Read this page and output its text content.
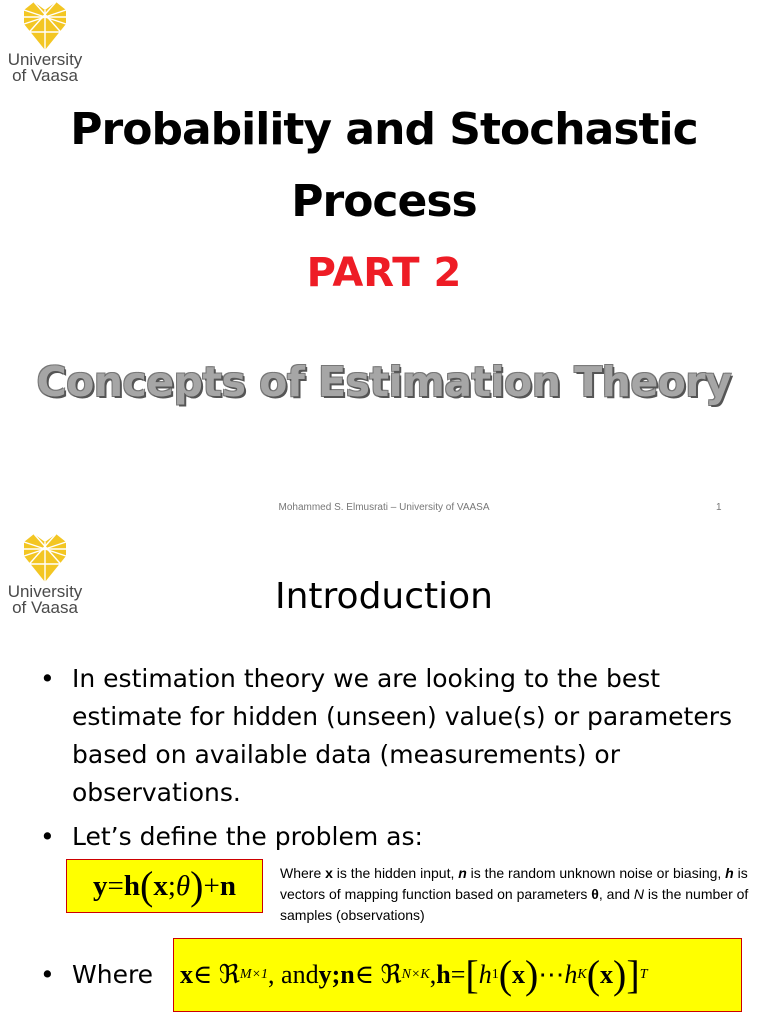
University
of Vaasa
Probability and Stochastic
Process
PART 2
Concepts of Estimation Theory
Mohammed S. Elmusrati – University of VAASA	1
University
of Vaasa	Introduction
• In estimation theory we are looking to the best estimate for hidden (unseen) value(s) or parameters based on available data (measurements) or observations.
• Let’s define the problem as:
y = h ( x ; θ ) + n	Where x is the hidden input, n is the random unknown noise or biasing, h is vectors of mapping function based on parameters θ, and N is the number of samples (observations)
• Where	x ∈ ℜ M×1 , and y;n ∈ ℜ N×K , h = [ h 1 ( x ) ⋯ h K ( x ) ] T
